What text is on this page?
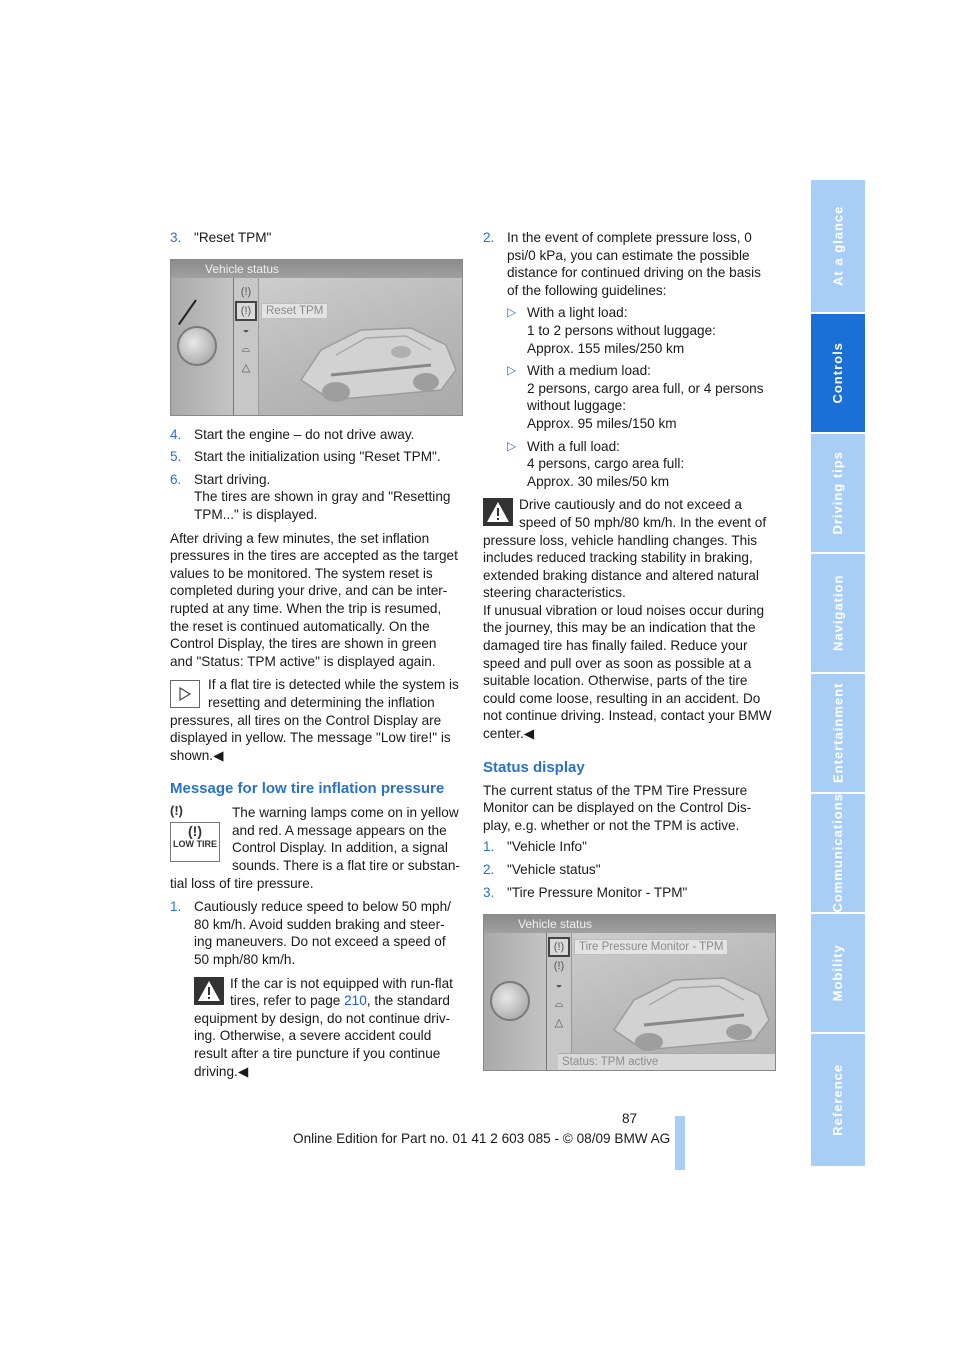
3. "Reset TPM"

Vehicle status
(!)
(!)
◒
⌓
△
Reset TPM

4. Start the engine – do not drive away.

5. Start the initialization using "Reset TPM".

6. Start driving.
The tires are shown in gray and "Resetting TPM..." is displayed.

After driving a few minutes, the set inflation pressures in the tires are accepted as the target values to be monitored. The system reset is completed during your drive, and can be inter-rupted at any time. When the trip is resumed, the reset is continued automatically. On the Control Display, the tires are shown in green and "Status: TPM active" is displayed again.

If a flat tire is detected while the system is resetting and determining the inflation pressures, all tires on the Control Display are displayed in yellow. The message "Low tire!" is shown.◀

Message for low tire inflation pressure
(!)
(!)
LOW TIRE

The warning lamps come on in yellow and red. A message appears on the Control Display. In addition, a signal sounds. There is a flat tire or substan-tial loss of tire pressure.

1. Cautiously reduce speed to below 50 mph/ 80 km/h. Avoid sudden braking and steer-ing maneuvers. Do not exceed a speed of 50 mph/80 km/h.

If the car is not equipped with run-flat tires, refer to page 210, the standard equipment by design, do not continue driv-ing. Otherwise, a severe accident could result after a tire puncture if you continue driving.◀

2. In the event of complete pressure loss, 0 psi/0 kPa, you can estimate the possible distance for continued driving on the basis of the following guidelines:

▷ With a light load:
1 to 2 persons without luggage:
Approx. 155 miles/250 km
▷ With a medium load:
2 persons, cargo area full, or 4 persons without luggage:
Approx. 95 miles/150 km
▷ With a full load:
4 persons, cargo area full:
Approx. 30 miles/50 km

Drive cautiously and do not exceed a speed of 50 mph/80 km/h. In the event of pressure loss, vehicle handling changes. This includes reduced tracking stability in braking, extended braking distance and altered natural steering characteristics.

If unusual vibration or loud noises occur during the journey, this may be an indication that the damaged tire has finally failed. Reduce your speed and pull over as soon as possible at a suitable location. Otherwise, parts of the tire could come loose, resulting in an accident. Do not continue driving. Instead, contact your BMW center.◀

Status display

The current status of the TPM Tire Pressure Monitor can be displayed on the Control Dis-play, e.g. whether or not the TPM is active.

1. "Vehicle Info"

2. "Vehicle status"

3. "Tire Pressure Monitor - TPM"

Vehicle status
(!)
(!)
◒
⌓
△
Tire Pressure Monitor - TPM
Status: TPM active
At a glance
Controls
Driving tips
Navigation
Entertainment
Communications
Mobility
Reference
87
Online Edition for Part no. 01 41 2 603 085 - © 08/09 BMW AG
